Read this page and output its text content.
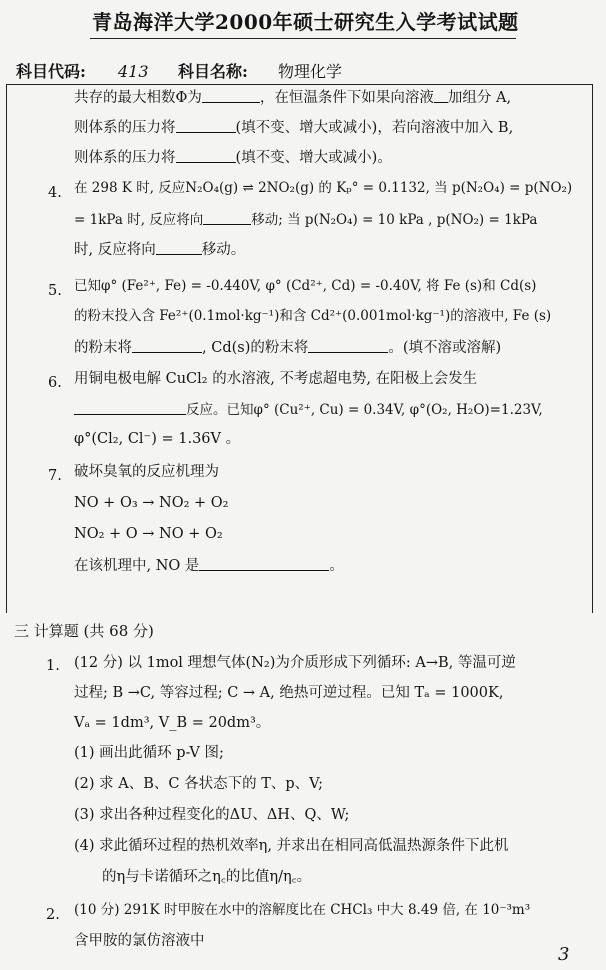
青岛海洋大学2000年硕士研究生入学考试试题
科目代码: 413 科目名称: 物理化学
共存的最大相数Φ为	，在恒温条件下如果向溶液 加组分 A,
则体系的压力将	(填不变、增大或减小)，若向溶液中加入 B,
则体系的压力将	(填不变、增大或减小)。
4. 在 298 K 时, 反应N₂O₄(g) ⇌ 2NO₂(g) 的 Kₚ° = 0.1132, 当 p(N₂O₄) = p(NO₂)
= 1kPa 时, 反应将向	移动; 当 p(N₂O₄) = 10 kPa , p(NO₂) = 1kPa
时, 反应将向	移动。
5. 已知φ° (Fe²⁺, Fe) = -0.440V, φ° (Cd²⁺, Cd) = -0.40V, 将 Fe (s)和 Cd(s)
的粉末投入含 Fe²⁺(0.1mol·kg⁻¹)和含 Cd²⁺(0.001mol·kg⁻¹)的溶液中, Fe (s)
的粉末将	, Cd(s)的粉末将	。(填不溶或溶解)
6. 用铜电极电解 CuCl₂ 的水溶液, 不考虑超电势, 在阳极上会发生
反应。已知φ° (Cu²⁺, Cu) = 0.34V, φ°(O₂, H₂O)=1.23V,
φ°(Cl₂, Cl⁻) = 1.36V 。
7. 破坏臭氧的反应机理为
NO + O₃ → NO₂ + O₂
NO₂ + O → NO + O₂
在该机理中, NO 是	。
三 计算题 (共 68 分)
1. (12 分) 以 1mol 理想气体(N₂)为介质形成下列循环: A→B, 等温可逆
过程; B →C, 等容过程; C → A, 绝热可逆过程。已知 Tₐ = 1000K,
Vₐ = 1dm³, V_B = 20dm³。
(1) 画出此循环 p-V 图;
(2) 求 A、B、C 各状态下的 T、p、V;
(3) 求出各种过程变化的ΔU、ΔH、Q、W;
(4) 求此循环过程的热机效率η, 并求出在相同高低温热源条件下此机
的η与卡诺循环之η꜀的比值η/η꜀。
2. (10 分) 291K 时甲胺在水中的溶解度比在 CHCl₃ 中大 8.49 倍, 在 10⁻³m³
含甲胺的氯仿溶液中
3
